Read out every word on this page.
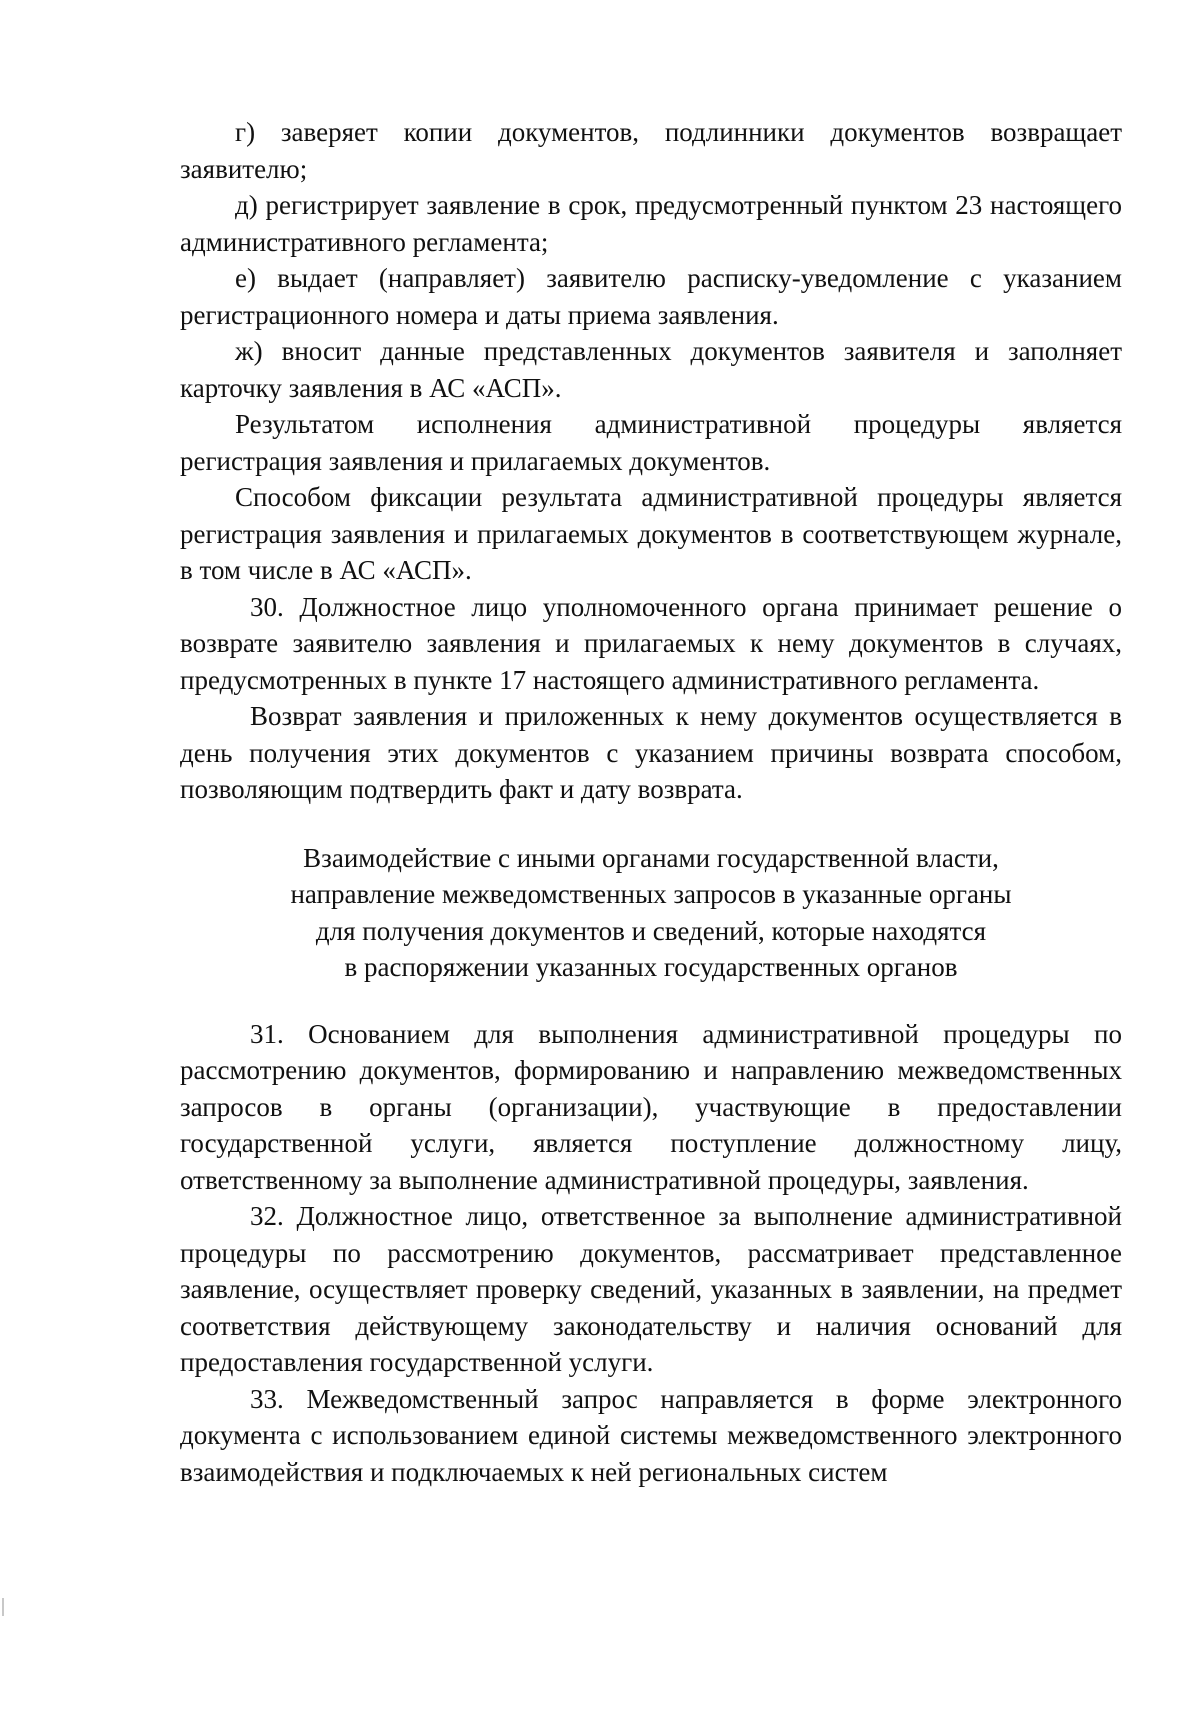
г) заверяет копии документов, подлинники документов возвращает заявителю;

д) регистрирует заявление в срок, предусмотренный пунктом 23 настоящего административного регламента;

е) выдает (направляет) заявителю расписку-уведомление с указанием регистрационного номера и даты приема заявления.

ж) вносит данные представленных документов заявителя и заполняет карточку заявления в АС «АСП».

Результатом исполнения административной процедуры является регистрация заявления и прилагаемых документов.

Способом фиксации результата административной процедуры является регистрация заявления и прилагаемых документов в соответствующем журнале, в том числе в АС «АСП».

30. Должностное лицо уполномоченного органа принимает решение о возврате заявителю заявления и прилагаемых к нему документов в случаях, предусмотренных в пункте 17 настоящего административного регламента.

Возврат заявления и приложенных к нему документов осуществляется в день получения этих документов с указанием причины возврата способом, позволяющим подтвердить факт и дату возврата.

Взаимодействие с иными органами государственной власти,
направление межведомственных запросов в указанные органы
для получения документов и сведений, которые находятся
в распоряжении указанных государственных органов

31. Основанием для выполнения административной процедуры по рассмотрению документов, формированию и направлению межведомственных запросов в органы (организации), участвующие в предоставлении государственной услуги, является поступление должностному лицу, ответственному за выполнение административной процедуры, заявления.

32. Должностное лицо, ответственное за выполнение административной процедуры по рассмотрению документов, рассматривает представленное заявление, осуществляет проверку сведений, указанных в заявлении, на предмет соответствия действующему законодательству и наличия оснований для предоставления государственной услуги.

33. Межведомственный запрос направляется в форме электронного документа с использованием единой системы межведомственного электронного взаимодействия и подключаемых к ней региональных систем
